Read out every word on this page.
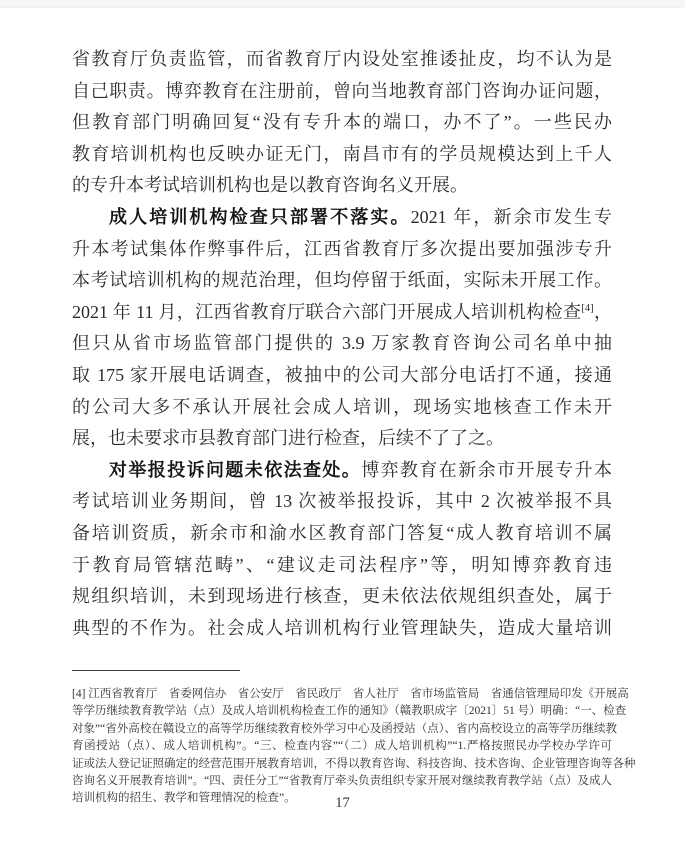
省教育厅负责监管，而省教育厅内设处室推诿扯皮，均不认为是
自己职责。博弈教育在注册前，曾向当地教育部门咨询办证问题，
但教育部门明确回复“没有专升本的端口，办不了”。一些民办
教育培训机构也反映办证无门，南昌市有的学员规模达到上千人
的专升本考试培训机构也是以教育咨询名义开展。
成人培训机构检查只部署不落实。2021 年，新余市发生专
升本考试集体作弊事件后，江西省教育厅多次提出要加强涉专升
本考试培训机构的规范治理，但均停留于纸面，实际未开展工作。
2021 年 11 月，江西省教育厅联合六部门开展成人培训机构检查[4]，
但只从省市场监管部门提供的 3.9 万家教育咨询公司名单中抽
取 175 家开展电话调查，被抽中的公司大部分电话打不通，接通
的公司大多不承认开展社会成人培训，现场实地核查工作未开
展，也未要求市县教育部门进行检查，后续不了了之。
对举报投诉问题未依法查处。博弈教育在新余市开展专升本
考试培训业务期间，曾 13 次被举报投诉，其中 2 次被举报不具
备培训资质，新余市和渝水区教育部门答复“成人教育培训不属
于教育局管辖范畴”、“建议走司法程序”等，明知博弈教育违
规组织培训，未到现场进行核查，更未依法依规组织查处，属于
典型的不作为。社会成人培训机构行业管理缺失，造成大量培训
[4] 江西省教育厅　省委网信办　省公安厅　省民政厅　省人社厅　省市场监管局　省通信管理局印发《开展高
等学历继续教育教学站（点）及成人培训机构检查工作的通知》（赣教职成字〔2021〕51 号）明确：“一、检查
对象”“省外高校在赣设立的高等学历继续教育校外学习中心及函授站（点）、省内高校设立的高等学历继续教
育函授站（点）、成人培训机构”。“三、检查内容”“（二）成人培训机构”“1.严格按照民办学校办学许可
证或法人登记证照确定的经营范围开展教育培训，不得以教育咨询、科技咨询、技术咨询、企业管理咨询等各种
咨询名义开展教育培训”。“四、责任分工”“省教育厅牵头负责组织专家开展对继续教育教学站（点）及成人
培训机构的招生、教学和管理情况的检查”。	17
